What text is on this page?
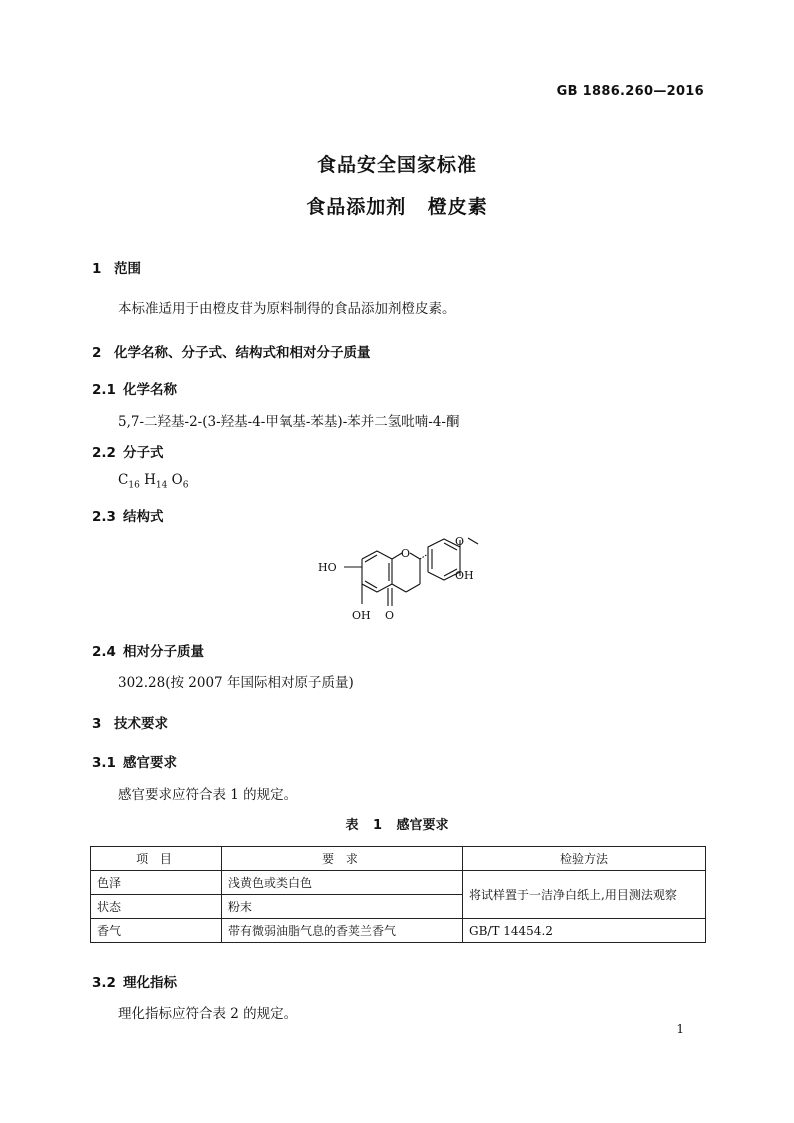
GB 1886.260—2016
食品安全国家标准
食品添加剂 橙皮素
1 范围
本标准适用于由橙皮苷为原料制得的食品添加剂橙皮素。
2 化学名称、分子式、结构式和相对分子质量
2.1 化学名称
5,7-二羟基-2-(3-羟基-4-甲氧基-苯基)-苯并二氢吡喃-4-酮
2.2 分子式
$C_{16}$ $H_{14}$ $O_6$
2.3 结构式
HO
O
O
OH
OH O
2.4 相对分子质量
302.28(按 2007 年国际相对原子质量)
3 技术要求
3.1 感官要求
感官要求应符合表 1 的规定。
表 1 感官要求
项 目	要 求	检验方法
色泽	浅黄色或类白色	将试样置于一洁净白纸上,用目测法观察
状态	粉末	
香气	带有微弱油脂气息的香荚兰香气	GB/T 14454.2
3.2 理化指标
理化指标应符合表 2 的规定。
1
